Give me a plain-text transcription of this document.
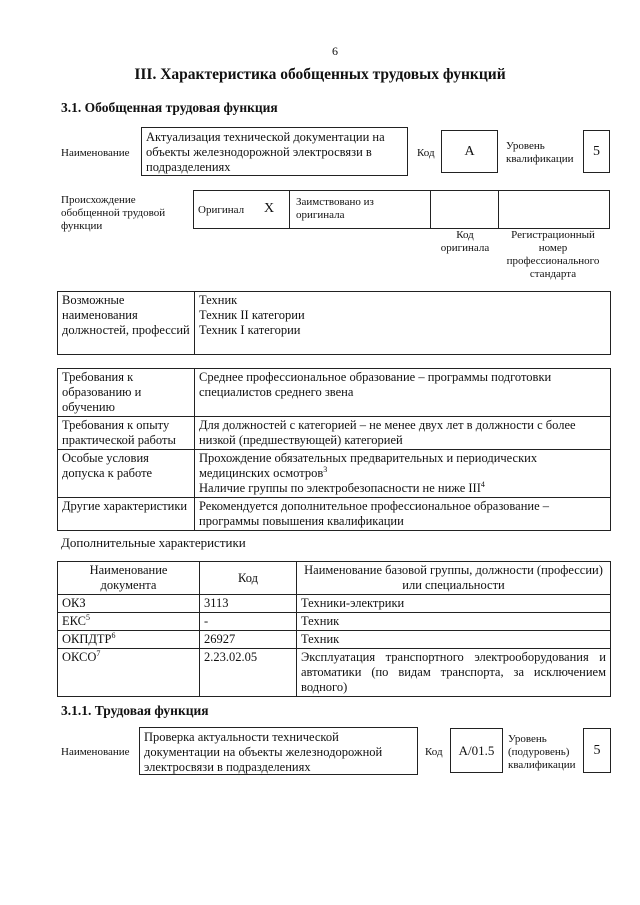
6
III. Характеристика обобщенных трудовых функций
3.1. Обобщенная трудовая функция
Наименование
Актуализация технической документации на объекты железнодорожной электросвязи в подразделениях
Код	А	Уровень квалификации	5
Происхождение обобщенной трудовой функции
Оригинал X	Заимствовано из оригинала
Код оригинала
Регистрационный номер профессионального стандарта
Возможные наименования должностей, профессий	
Техник
Техник II категории
Техник I категории
Требования к образованию и обучению	Среднее профессиональное образование – программы подготовки специалистов среднего звена
Требования к опыту практической работы	Для должностей с категорией – не менее двух лет в должности с более низкой (предшествующей) категорией
Особые условия допуска к работе	Прохождение обязательных предварительных и периодических медицинских осмотров$^3$
Наличие группы по электробезопасности не ниже III$^4$
Другие характеристики	Рекомендуется дополнительное профессиональное образование – программы повышения квалификации
Дополнительные характеристики
Наименование документа	Код	Наименование базовой группы, должности (профессии) или специальности
ОКЗ	3113	Техники-электрики
ЕКС$^5$	-	Техник
ОКПДТР$^6$	26927	Техник
ОКСО$^7$	2.23.02.05	Эксплуатация транспортного электрооборудования и автоматики (по видам транспорта, за исключением водного)
3.1.1. Трудовая функция
Наименование
Проверка актуальности технической документации на объекты железнодорожной электросвязи в подразделениях
Код	А/01.5
Уровень (подуровень) квалификации
5
